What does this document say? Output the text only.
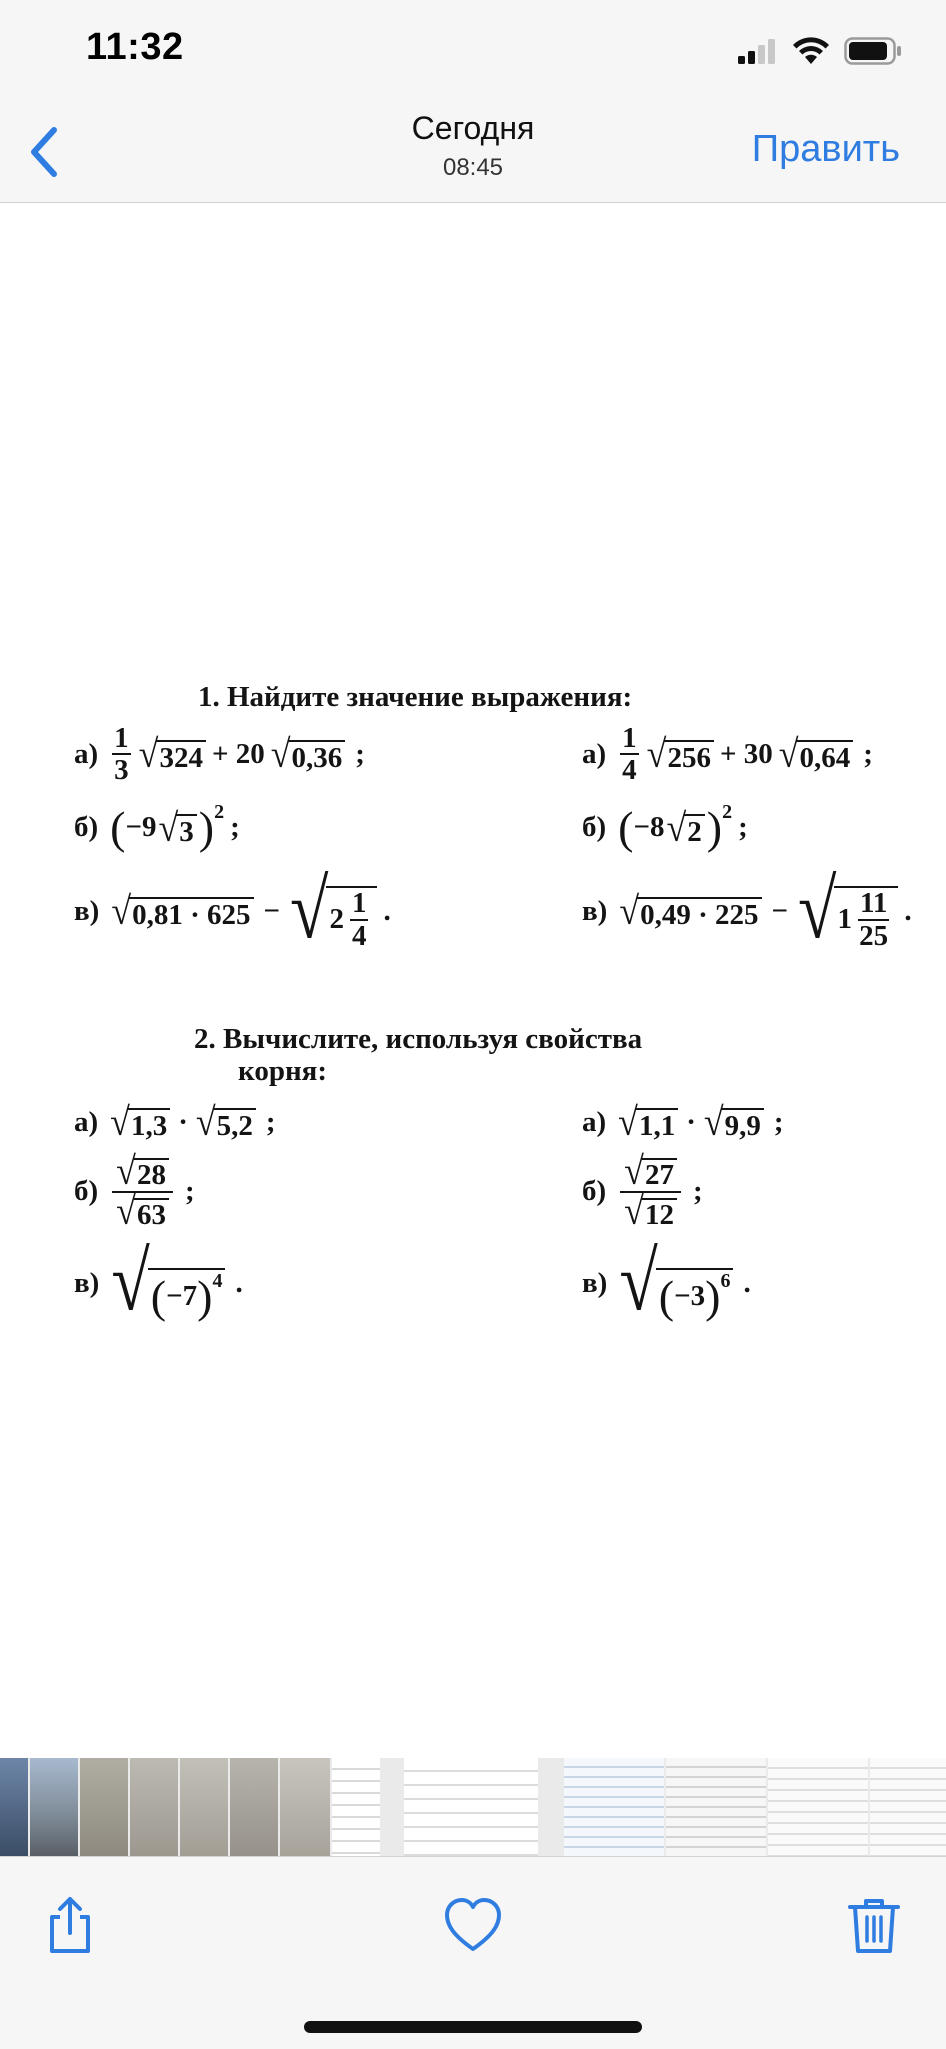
11:32
Сегодня
08:45	Править
1. Найдите значение выражения:
$а) \frac{1}{3}$ √ 324 + 20 √ 0,36 ;	$а) \frac{1}{4}$ √ 256 + 30 √ 0,64 ;
б) ( −9 √ 3 )$^2$ ;	б) ( −8 √ 2 )$^2$ ;
в) √ 0,81 · 625 − √ $2 \frac{1}{4}$ .	в) √ 0,49 · 225 − √ $1 \frac{11}{25}$ .
2. Вычислите, используя свойства
корня:
а) √ 1,3 · √ 5,2 ;	а) √ 1,1 · √ 9,9 ;
$б) \frac{√ 28}{√ 63}$ ;	$б) \frac{√ 27}{√ 12}$ ;
в) √ ( −7 )$^4$ .	в) √ ( −3 )$^6$ .
